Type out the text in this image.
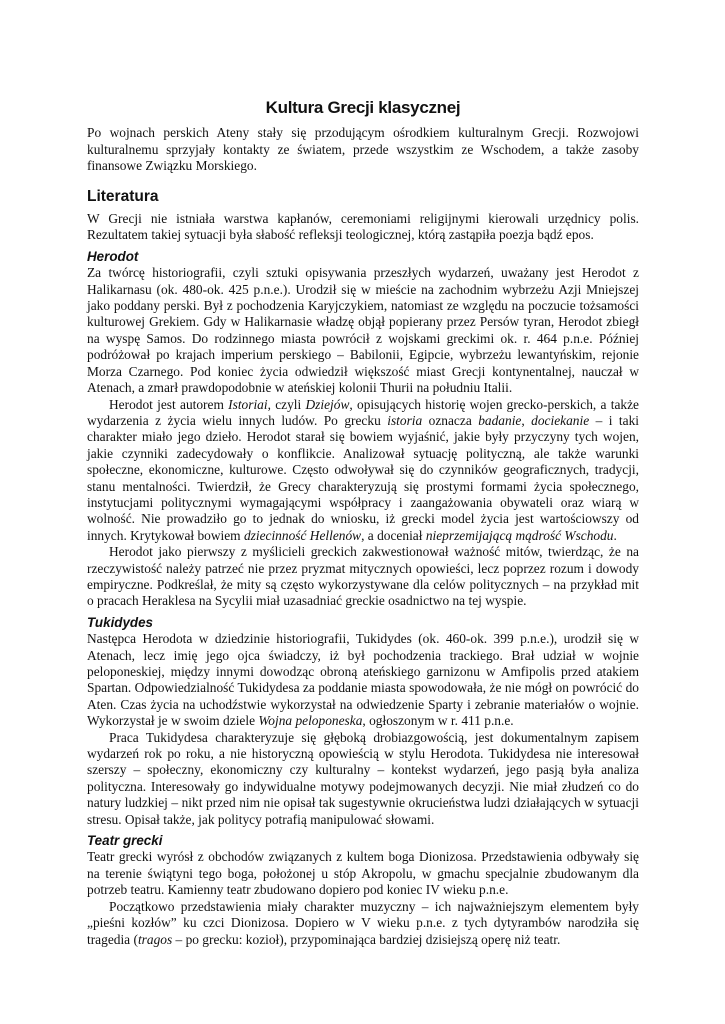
Kultura Grecji klasycznej

Po wojnach perskich Ateny stały się przodującym ośrodkiem kulturalnym Grecji. Rozwojowi kulturalnemu sprzyjały kontakty ze światem, przede wszystkim ze Wschodem, a także zasoby finansowe Związku Morskiego.

Literatura

W Grecji nie istniała warstwa kapłanów, ceremoniami religijnymi kierowali urzędnicy polis. Rezultatem takiej sytuacji była słabość refleksji teologicznej, którą zastąpiła poezja bądź epos.

Herodot

Za twórcę historiografii, czyli sztuki opisywania przeszłych wydarzeń, uważany jest Herodot z Halikarnasu (ok. 480-ok. 425 p.n.e.). Urodził się w mieście na zachodnim wybrzeżu Azji Mniejszej jako poddany perski. Był z pochodzenia Karyjczykiem, natomiast ze względu na poczucie tożsamości kulturowej Grekiem. Gdy w Halikarnasie władzę objął popierany przez Persów tyran, Herodot zbiegł na wyspę Samos. Do rodzinnego miasta powrócił z wojskami greckimi ok. r. 464 p.n.e. Później podróżował po krajach imperium perskiego – Babilonii, Egipcie, wybrzeżu lewantyńskim, rejonie Morza Czarnego. Pod koniec życia odwiedził większość miast Grecji kontynentalnej, nauczał w Atenach, a zmarł prawdopodobnie w ateńskiej kolonii Thurii na południu Italii.

Herodot jest autorem Istoriai, czyli Dziejów, opisujących historię wojen grecko-perskich, a także wydarzenia z życia wielu innych ludów. Po grecku istoria oznacza badanie, dociekanie – i taki charakter miało jego dzieło. Herodot starał się bowiem wyjaśnić, jakie były przyczyny tych wojen, jakie czynniki zadecydowały o konflikcie. Analizował sytuację polityczną, ale także warunki społeczne, ekonomiczne, kulturowe. Często odwoływał się do czynników geograficznych, tradycji, stanu mentalności. Twierdził, że Grecy charakteryzują się prostymi formami życia społecznego, instytucjami politycznymi wymagającymi współpracy i zaangażowania obywateli oraz wiarą w wolność. Nie prowadziło go to jednak do wniosku, iż grecki model życia jest wartościowszy od innych. Krytykował bowiem dziecinność Hellenów, a doceniał nieprzemijającą mądrość Wschodu.

Herodot jako pierwszy z myślicieli greckich zakwestionował ważność mitów, twierdząc, że na rzeczywistość należy patrzeć nie przez pryzmat mitycznych opowieści, lecz poprzez rozum i dowody empiryczne. Podkreślał, że mity są często wykorzystywane dla celów politycznych – na przykład mit o pracach Heraklesa na Sycylii miał uzasadniać greckie osadnictwo na tej wyspie.

Tukidydes

Następca Herodota w dziedzinie historiografii, Tukidydes (ok. 460-ok. 399 p.n.e.), urodził się w Atenach, lecz imię jego ojca świadczy, iż był pochodzenia trackiego. Brał udział w wojnie peloponeskiej, między innymi dowodząc obroną ateńskiego garnizonu w Amfipolis przed atakiem Spartan. Odpowiedzialność Tukidydesa za poddanie miasta spowodowała, że nie mógł on powrócić do Aten. Czas życia na uchodźstwie wykorzystał na odwiedzenie Sparty i zebranie materiałów o wojnie. Wykorzystał je w swoim dziele Wojna peloponeska, ogłoszonym w r. 411 p.n.e.

Praca Tukidydesa charakteryzuje się głęboką drobiazgowością, jest dokumentalnym zapisem wydarzeń rok po roku, a nie historyczną opowieścią w stylu Herodota. Tukidydesa nie interesował szerszy – społeczny, ekonomiczny czy kulturalny – kontekst wydarzeń, jego pasją była analiza polityczna. Interesowały go indywidualne motywy podejmowanych decyzji. Nie miał złudzeń co do natury ludzkiej – nikt przed nim nie opisał tak sugestywnie okrucieństwa ludzi działających w sytuacji stresu. Opisał także, jak politycy potrafią manipulować słowami.

Teatr grecki

Teatr grecki wyrósł z obchodów związanych z kultem boga Dionizosa. Przedstawienia odbywały się na terenie świątyni tego boga, położonej u stóp Akropolu, w gmachu specjalnie zbudowanym dla potrzeb teatru. Kamienny teatr zbudowano dopiero pod koniec IV wieku p.n.e.

Początkowo przedstawienia miały charakter muzyczny – ich najważniejszym elementem były „pieśni kozłów” ku czci Dionizosa. Dopiero w V wieku p.n.e. z tych dytyrambów narodziła się tragedia (tragos – po grecku: kozioł), przypominająca bardziej dzisiejszą operę niż teatr.
